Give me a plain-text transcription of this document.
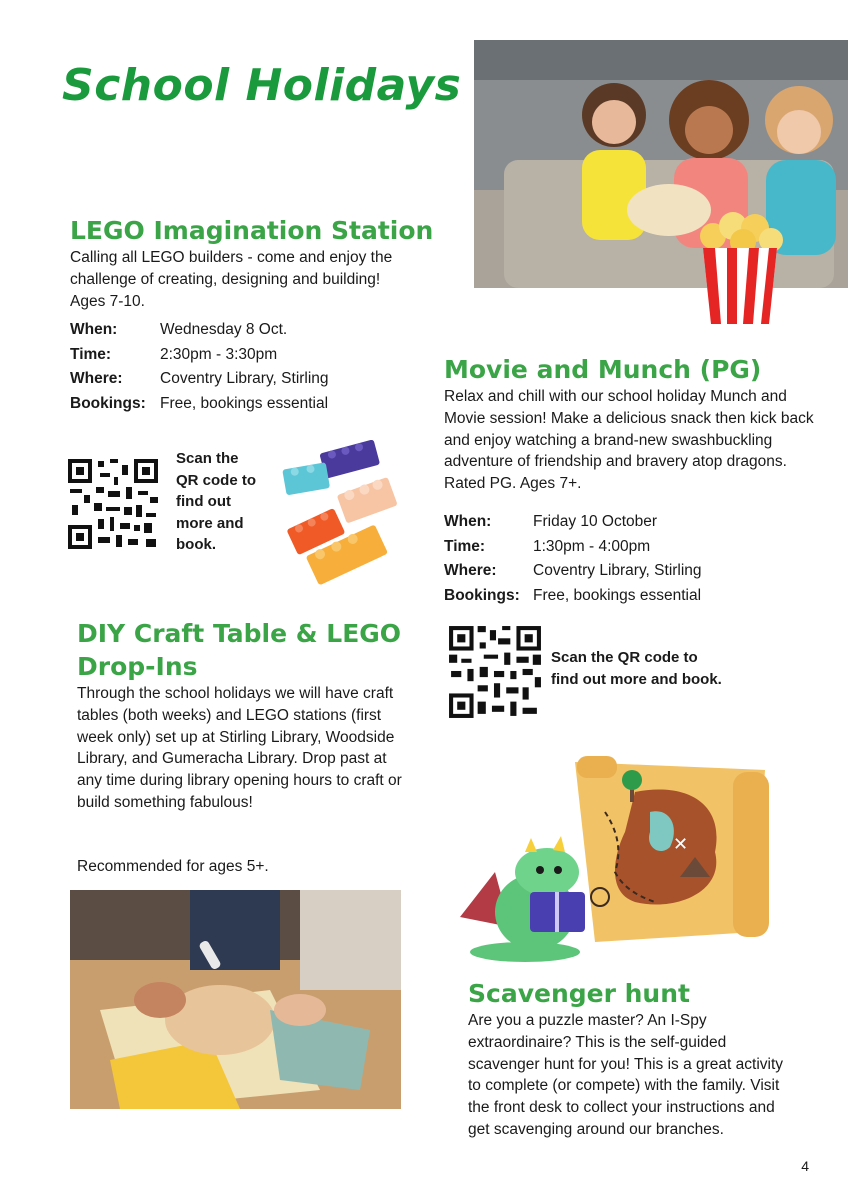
School Holidays
LEGO Imagination Station
Calling all LEGO builders - come and enjoy the challenge of creating, designing and building! Ages 7-10.
When:	Wednesday 8 Oct.
Time:	2:30pm - 3:30pm
Where:	Coventry Library, Stirling
Bookings: Free, bookings essential
Scan the
QR code to
find out
more and
book.
Movie and Munch (PG)
Relax and chill with our school holiday Munch and Movie session! Make a delicious snack then kick back and enjoy watching a brand-new swashbuckling adventure of friendship and bravery atop dragons. Rated PG. Ages 7+.
When:	Friday 10 October
Time:	1:30pm - 4:00pm
Where:	Coventry Library, Stirling
Bookings: Free, bookings essential
Scan the QR code to
find out more and book.
DIY Craft Table & LEGO
Drop-Ins
Through the school holidays we will have craft tables (both weeks) and LEGO stations (first week only) set up at Stirling Library, Woodside Library, and Gumeracha Library. Drop past at any time during library opening hours to craft or build something fabulous!
Recommended for ages 5+.
✕
Scavenger hunt
Are you a puzzle master? An I-Spy extraordinaire? This is the self-guided scavenger hunt for you! This is a great activity to complete (or compete) with the family. Visit the front desk to collect your instructions and get scavenging around our branches.
4
